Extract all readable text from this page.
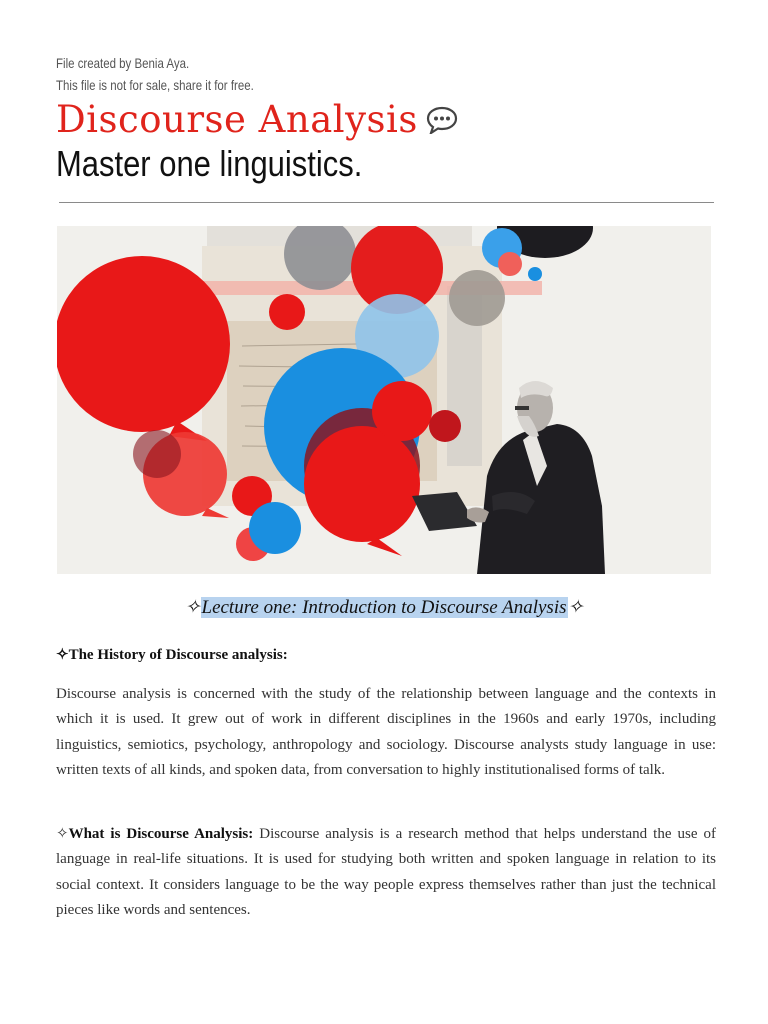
File created by Benia Aya.
This file is not for sale, share it for free.
Discourse Analysis
Master one linguistics.
✧Lecture one: Introduction to Discourse Analysis✧
✧The History of Discourse analysis:
Discourse analysis is concerned with the study of the relationship between language and the contexts in which it is used. It grew out of work in different disciplines in the 1960s and early 1970s, including linguistics, semiotics, psychology, anthropology and sociology. Discourse analysts study language in use: written texts of all kinds, and spoken data, from conversation to highly institutionalised forms of talk.
✧What is Discourse Analysis: Discourse analysis is a research method that helps understand the use of language in real-life situations. It is used for studying both written and spoken language in relation to its social context. It considers language to be the way people express themselves rather than just the technical pieces like words and sentences.
